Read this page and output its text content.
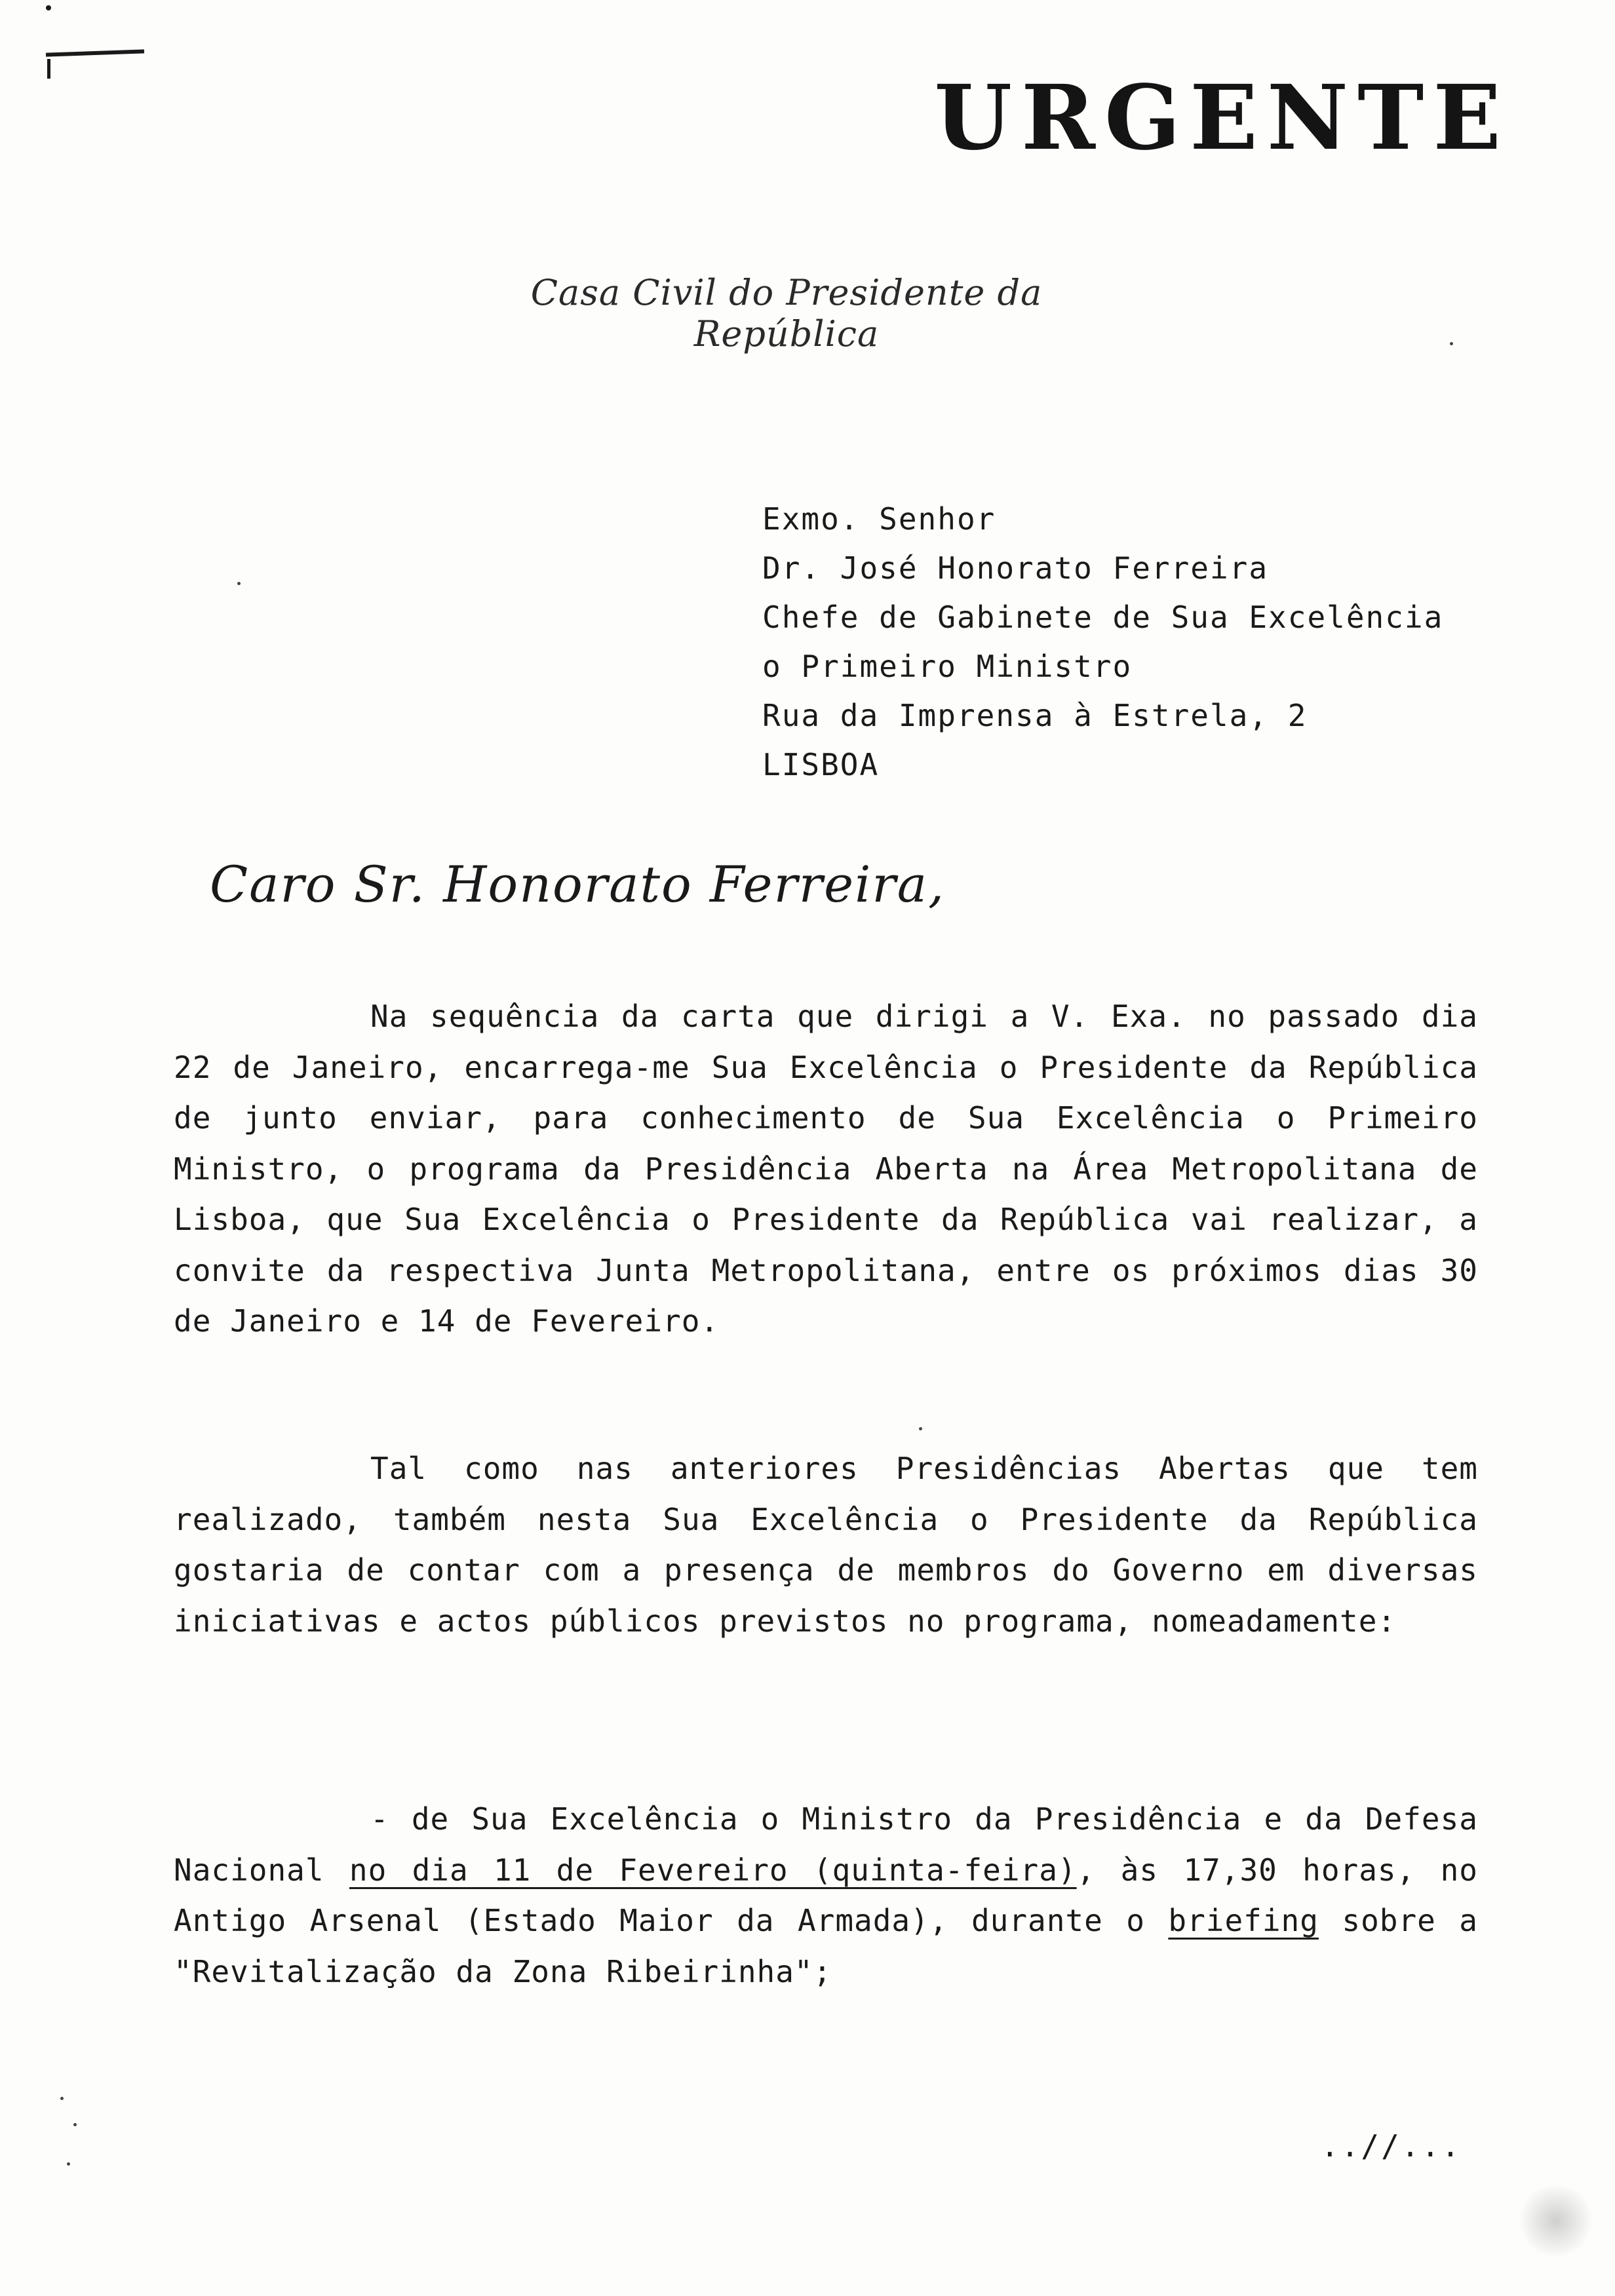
URGENTE
Casa Civil do Presidente da República
Exmo. Senhor
Dr. José Honorato Ferreira
Chefe de Gabinete de Sua Excelência
o Primeiro Ministro
Rua da Imprensa à Estrela, 2
LISBOA
Caro Sr. Honorato Ferreira,
Na sequência da carta que dirigi a V. Exa. no passado dia 22 de Janeiro, encarrega-me Sua Excelência o Presidente da República de junto enviar, para conhecimento de Sua Excelência o Primeiro Ministro, o programa da Presidência Aberta na Área Metropolitana de Lisboa, que Sua Excelência o Presidente da República vai realizar, a convite da respectiva Junta Metropolitana, entre os próximos dias 30 de Janeiro e 14 de Fevereiro.
Tal como nas anteriores Presidências Abertas que tem realizado, também nesta Sua Excelência o Presidente da República gostaria de contar com a presença de membros do Governo em diversas iniciativas e actos públicos previstos no programa, nomeadamente:
- de Sua Excelência o Ministro da Presidência e da Defesa Nacional no dia 11 de Fevereiro (quinta-feira), às 17,30 horas, no Antigo Arsenal (Estado Maior da Armada), durante o briefing sobre a "Revitalização da Zona Ribeirinha";
..//...
